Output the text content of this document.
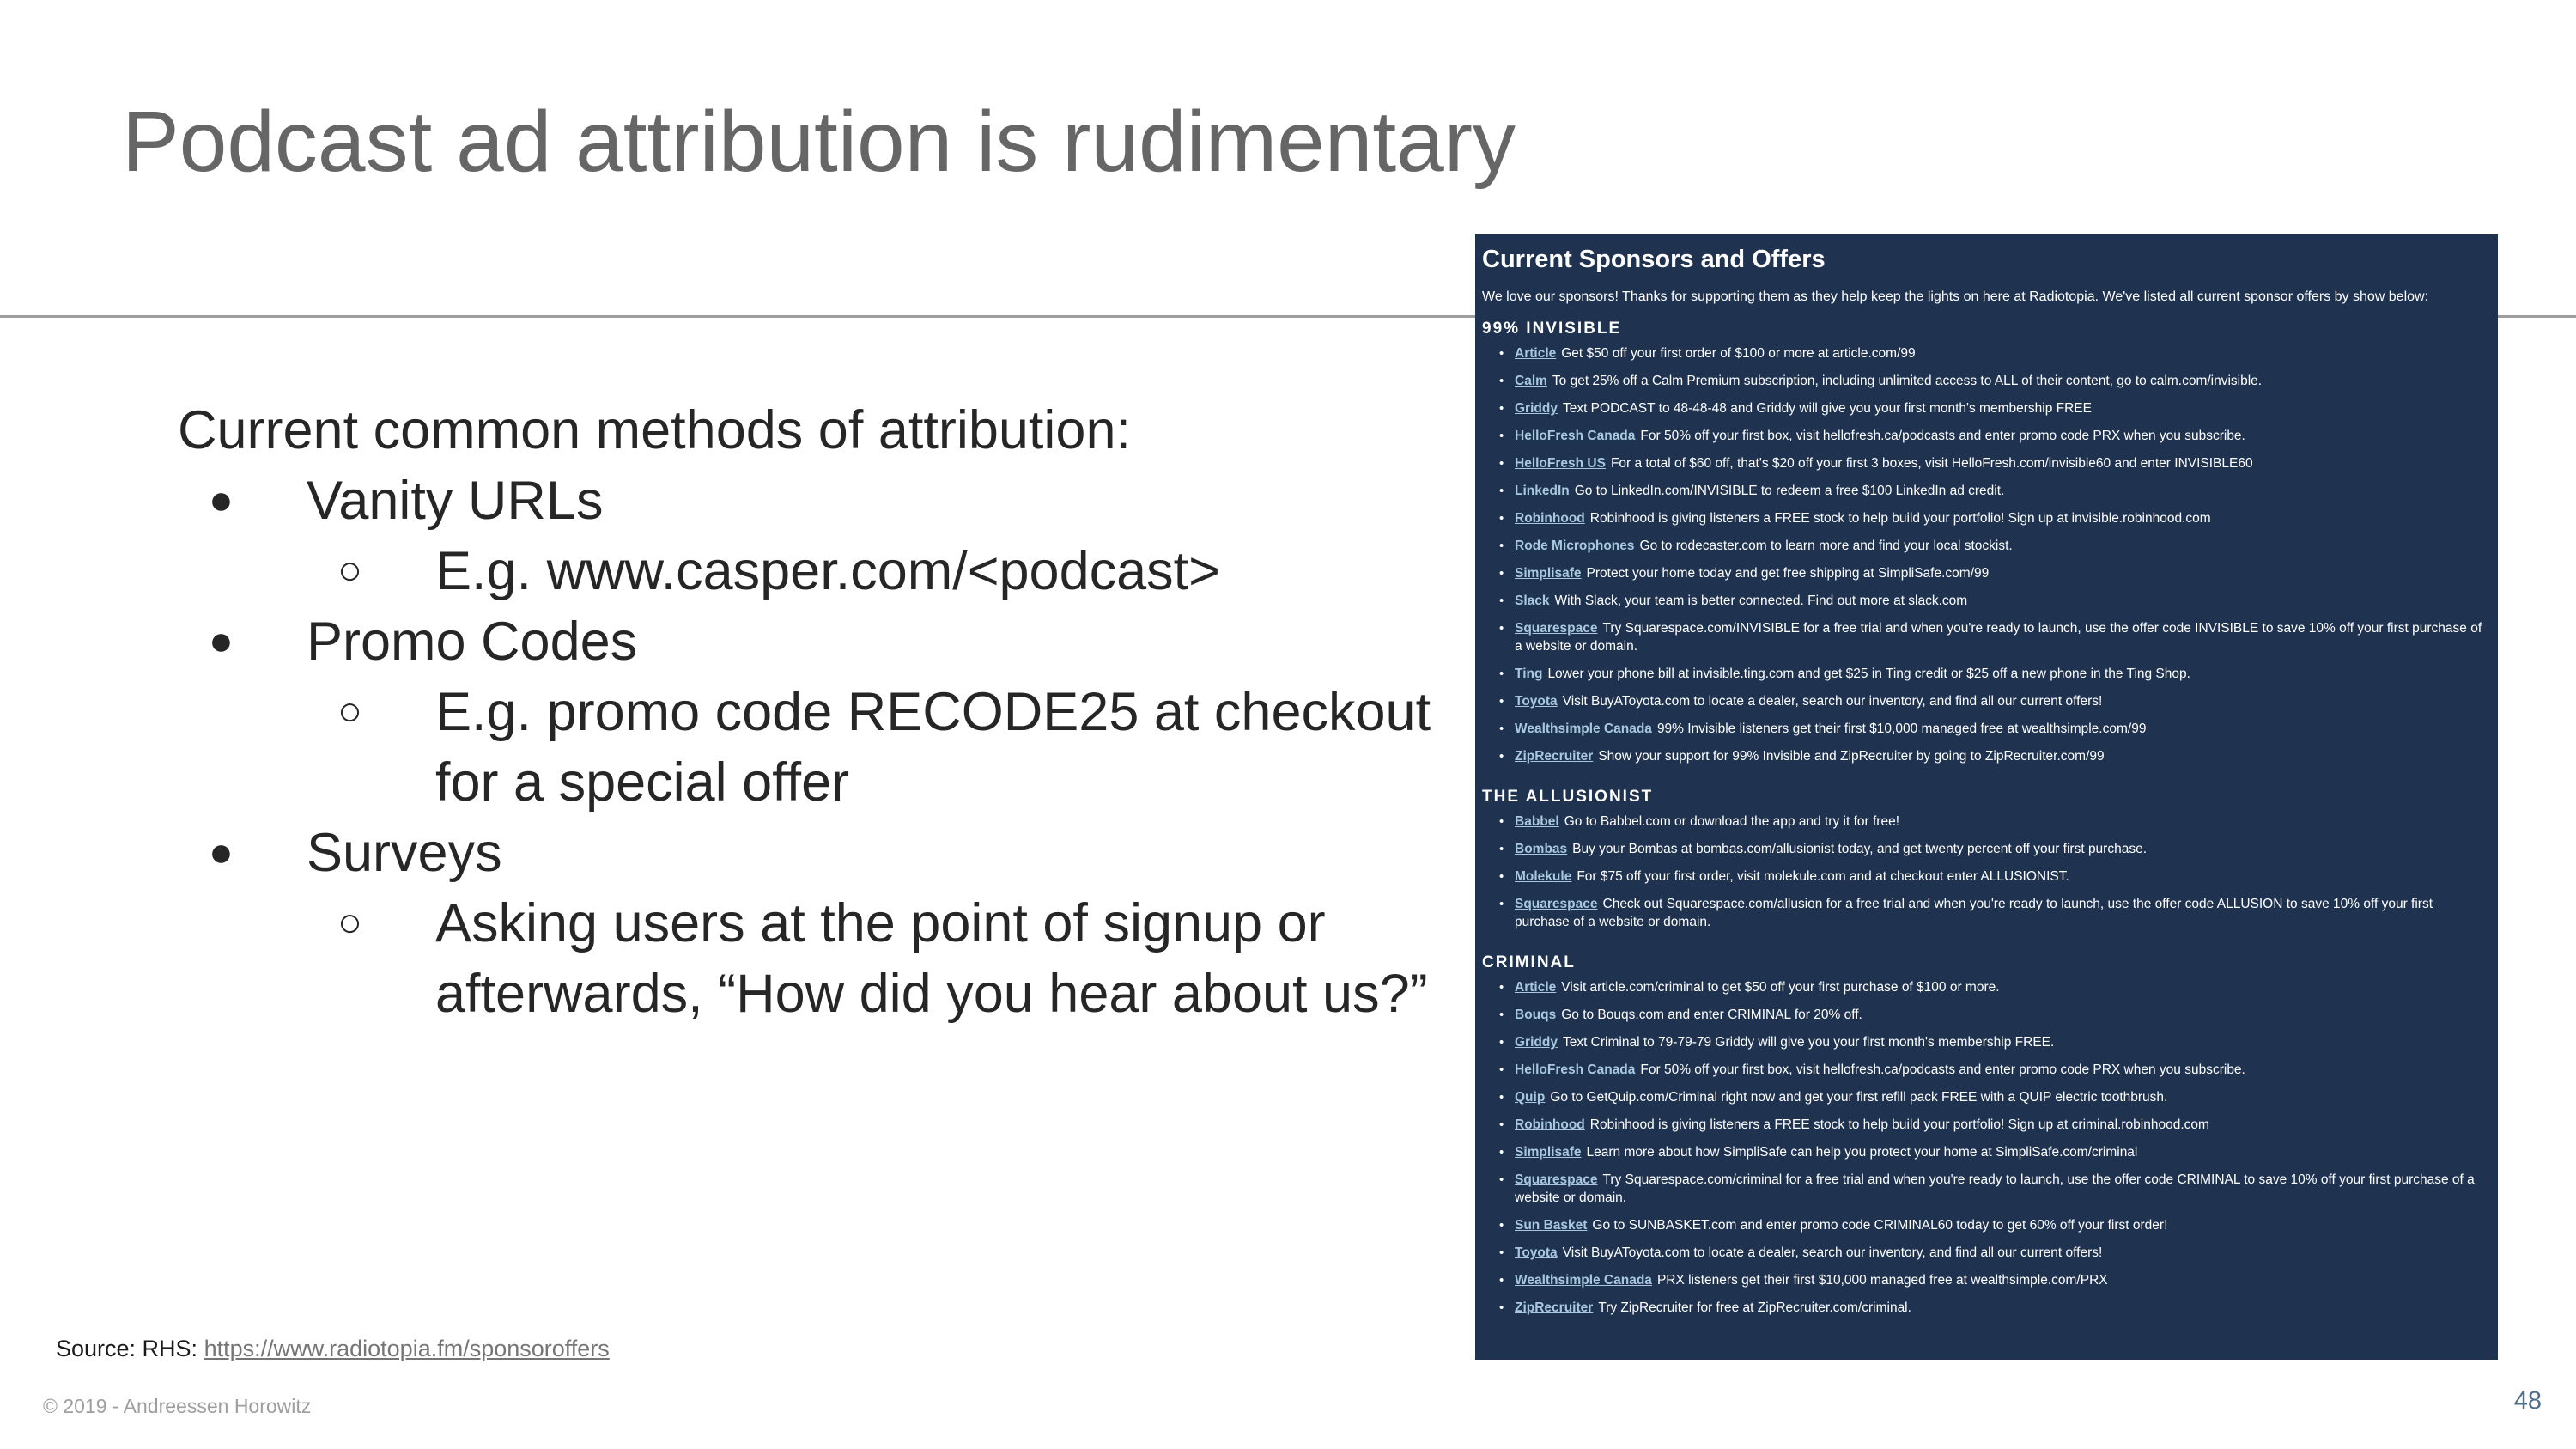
Podcast ad attribution is rudimentary

Current common methods of attribution:

● Vanity URLs
○ E.g. www.casper.com/<podcast>
● Promo Codes
○ E.g. promo code RECODE25 at checkout for a special offer
● Surveys
○ Asking users at the point of signup or afterwards, “How did you hear about us?”
Current Sponsors and Offers

We love our sponsors! Thanks for supporting them as they help keep the lights on here at Radiotopia. We've listed all current sponsor offers by show below:

99% INVISIBLE
• Article Get $50 off your first order of $100 or more at article.com/99
• Calm To get 25% off a Calm Premium subscription, including unlimited access to ALL of their content, go to calm.com/invisible.
• Griddy Text PODCAST to 48-48-48 and Griddy will give you your first month's membership FREE
• HelloFresh Canada For 50% off your first box, visit hellofresh.ca/podcasts and enter promo code PRX when you subscribe.
• HelloFresh US For a total of $60 off, that's $20 off your first 3 boxes, visit HelloFresh.com/invisible60 and enter INVISIBLE60
• LinkedIn Go to LinkedIn.com/INVISIBLE to redeem a free $100 LinkedIn ad credit.
• Robinhood Robinhood is giving listeners a FREE stock to help build your portfolio! Sign up at invisible.robinhood.com
• Rode Microphones Go to rodecaster.com to learn more and find your local stockist.
• Simplisafe Protect your home today and get free shipping at SimpliSafe.com/99
• Slack With Slack, your team is better connected. Find out more at slack.com
• Squarespace Try Squarespace.com/INVISIBLE for a free trial and when you're ready to launch, use the offer code INVISIBLE to save 10% off your first purchase of a website or domain.
• Ting Lower your phone bill at invisible.ting.com and get $25 in Ting credit or $25 off a new phone in the Ting Shop.
• Toyota Visit BuyAToyota.com to locate a dealer, search our inventory, and find all our current offers!
• Wealthsimple Canada 99% Invisible listeners get their first $10,000 managed free at wealthsimple.com/99
• ZipRecruiter Show your support for 99% Invisible and ZipRecruiter by going to ZipRecruiter.com/99
THE ALLUSIONIST
• Babbel Go to Babbel.com or download the app and try it for free!
• Bombas Buy your Bombas at bombas.com/allusionist today, and get twenty percent off your first purchase.
• Molekule For $75 off your first order, visit molekule.com and at checkout enter ALLUSIONIST.
• Squarespace Check out Squarespace.com/allusion for a free trial and when you're ready to launch, use the offer code ALLUSION to save 10% off your first purchase of a website or domain.
CRIMINAL
• Article Visit article.com/criminal to get $50 off your first purchase of $100 or more.
• Bouqs Go to Bouqs.com and enter CRIMINAL for 20% off.
• Griddy Text Criminal to 79-79-79 Griddy will give you your first month's membership FREE.
• HelloFresh Canada For 50% off your first box, visit hellofresh.ca/podcasts and enter promo code PRX when you subscribe.
• Quip Go to GetQuip.com/Criminal right now and get your first refill pack FREE with a QUIP electric toothbrush.
• Robinhood Robinhood is giving listeners a FREE stock to help build your portfolio! Sign up at criminal.robinhood.com
• Simplisafe Learn more about how SimpliSafe can help you protect your home at SimpliSafe.com/criminal
• Squarespace Try Squarespace.com/criminal for a free trial and when you're ready to launch, use the offer code CRIMINAL to save 10% off your first purchase of a website or domain.
• Sun Basket Go to SUNBASKET.com and enter promo code CRIMINAL60 today to get 60% off your first order!
• Toyota Visit BuyAToyota.com to locate a dealer, search our inventory, and find all our current offers!
• Wealthsimple Canada PRX listeners get their first $10,000 managed free at wealthsimple.com/PRX
• ZipRecruiter Try ZipRecruiter for free at ZipRecruiter.com/criminal.
Source: RHS: https://www.radiotopia.fm/sponsoroffers
© 2019 - Andreessen Horowitz	48
